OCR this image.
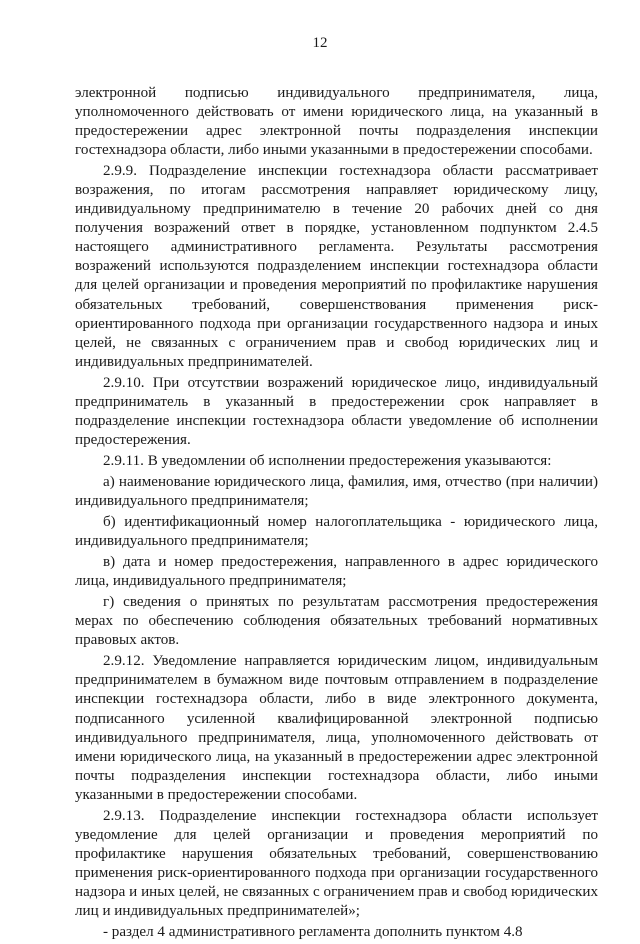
12

электронной подписью индивидуального предпринимателя, лица, уполномоченного действовать от имени юридического лица, на указанный в предостережении адрес электронной почты подразделения инспекции гостехнадзора области, либо иными указанными в предостережении способами.

2.9.9. Подразделение инспекции гостехнадзора области рассматривает возражения, по итогам рассмотрения направляет юридическому лицу, индивидуальному предпринимателю в течение 20 рабочих дней со дня получения возражений ответ в порядке, установленном подпунктом 2.4.5 настоящего административного регламента. Результаты рассмотрения возражений используются подразделением инспекции гостехнадзора области для целей организации и проведения мероприятий по профилактике нарушения обязательных требований, совершенствования применения риск-ориентированного подхода при организации государственного надзора и иных целей, не связанных с ограничением прав и свобод юридических лиц и индивидуальных предпринимателей.

2.9.10. При отсутствии возражений юридическое лицо, индивидуальный предприниматель в указанный в предостережении срок направляет в подразделение инспекции гостехнадзора области уведомление об исполнении предостережения.

2.9.11. В уведомлении об исполнении предостережения указываются:

а) наименование юридического лица, фамилия, имя, отчество (при наличии) индивидуального предпринимателя;

б) идентификационный номер налогоплательщика - юридического лица, индивидуального предпринимателя;

в) дата и номер предостережения, направленного в адрес юридического лица, индивидуального предпринимателя;

г) сведения о принятых по результатам рассмотрения предостережения мерах по обеспечению соблюдения обязательных требований нормативных правовых актов.

2.9.12. Уведомление направляется юридическим лицом, индивидуальным предпринимателем в бумажном виде почтовым отправлением в подразделение инспекции гостехнадзора области, либо в виде электронного документа, подписанного усиленной квалифицированной электронной подписью индивидуального предпринимателя, лица, уполномоченного действовать от имени юридического лица, на указанный в предостережении адрес электронной почты подразделения инспекции гостехнадзора области, либо иными указанными в предостережении способами.

2.9.13. Подразделение инспекции гостехнадзора области использует уведомление для целей организации и проведения мероприятий по профилактике нарушения обязательных требований, совершенствованию применения риск-ориентированного подхода при организации государственного надзора и иных целей, не связанных с ограничением прав и свобод юридических лиц и индивидуальных предпринимателей»;

- раздел 4 административного регламента дополнить пунктом 4.8
